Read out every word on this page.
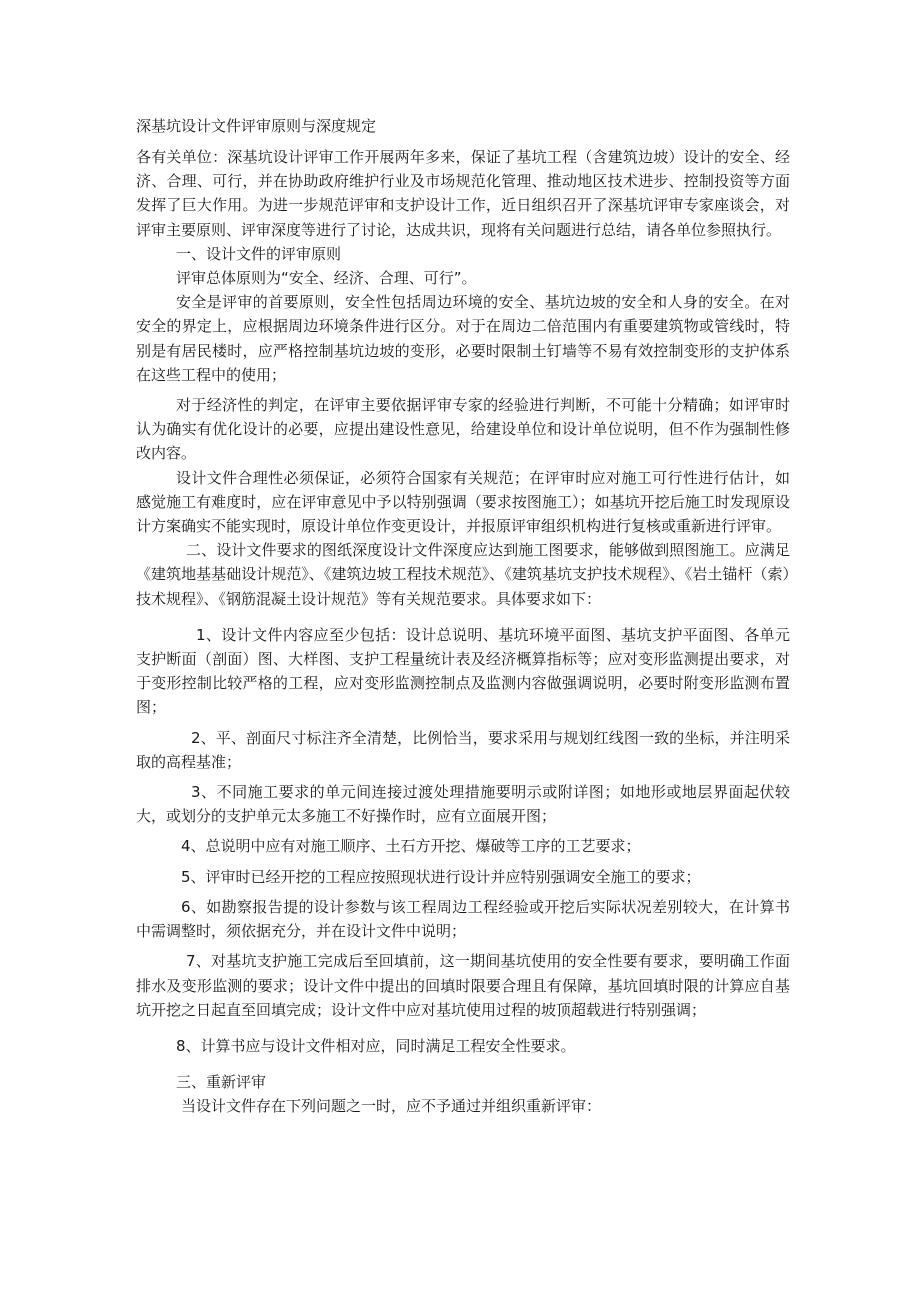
深基坑设计文件评审原则与深度规定

各有关单位：深基坑设计评审工作开展两年多来，保证了基坑工程（含建筑边坡）设计的安全、经济、合理、可行，并在协助政府维护行业及市场规范化管理、推动地区技术进步、控制投资等方面发挥了巨大作用。为进一步规范评审和支护设计工作，近日组织召开了深基坑评审专家座谈会，对评审主要原则、评审深度等进行了讨论，达成共识，现将有关问题进行总结，请各单位参照执行。

一、设计文件的评审原则

评审总体原则为“安全、经济、合理、可行”。

安全是评审的首要原则，安全性包括周边环境的安全、基坑边坡的安全和人身的安全。在对安全的界定上，应根据周边环境条件进行区分。对于在周边二倍范围内有重要建筑物或管线时，特别是有居民楼时，应严格控制基坑边坡的变形，必要时限制土钉墙等不易有效控制变形的支护体系在这些工程中的使用；

对于经济性的判定，在评审主要依据评审专家的经验进行判断，不可能十分精确；如评审时认为确实有优化设计的必要，应提出建设性意见，给建设单位和设计单位说明，但不作为强制性修改内容。

设计文件合理性必须保证，必须符合国家有关规范；在评审时应对施工可行性进行估计，如感觉施工有难度时，应在评审意见中予以特别强调（要求按图施工）；如基坑开挖后施工时发现原设计方案确实不能实现时，原设计单位作变更设计，并报原评审组织机构进行复核或重新进行评审。

二、设计文件要求的图纸深度设计文件深度应达到施工图要求，能够做到照图施工。应满足《建筑地基基础设计规范》、《建筑边坡工程技术规范》、《建筑基坑支护技术规程》、《岩土锚杆（索）技术规程》、《钢筋混凝土设计规范》等有关规范要求。具体要求如下：

1、设计文件内容应至少包括：设计总说明、基坑环境平面图、基坑支护平面图、各单元支护断面（剖面）图、大样图、支护工程量统计表及经济概算指标等；应对变形监测提出要求，对于变形控制比较严格的工程，应对变形监测控制点及监测内容做强调说明，必要时附变形监测布置图；

2、平、剖面尺寸标注齐全清楚，比例恰当，要求采用与规划红线图一致的坐标，并注明采取的高程基准；

3、不同施工要求的单元间连接过渡处理措施要明示或附详图；如地形或地层界面起伏较大，或划分的支护单元太多施工不好操作时，应有立面展开图；

4、总说明中应有对施工顺序、土石方开挖、爆破等工序的工艺要求；

5、评审时已经开挖的工程应按照现状进行设计并应特别强调安全施工的要求；

6、如勘察报告提的设计参数与该工程周边工程经验或开挖后实际状况差别较大，在计算书中需调整时，须依据充分，并在设计文件中说明；

7、对基坑支护施工完成后至回填前，这一期间基坑使用的安全性要有要求，要明确工作面排水及变形监测的要求；设计文件中提出的回填时限要合理且有保障，基坑回填时限的计算应自基坑开挖之日起直至回填完成；设计文件中应对基坑使用过程的坡顶超载进行特别强调；

8、计算书应与设计文件相对应，同时满足工程安全性要求。

三、重新评审

当设计文件存在下列问题之一时，应不予通过并组织重新评审：
